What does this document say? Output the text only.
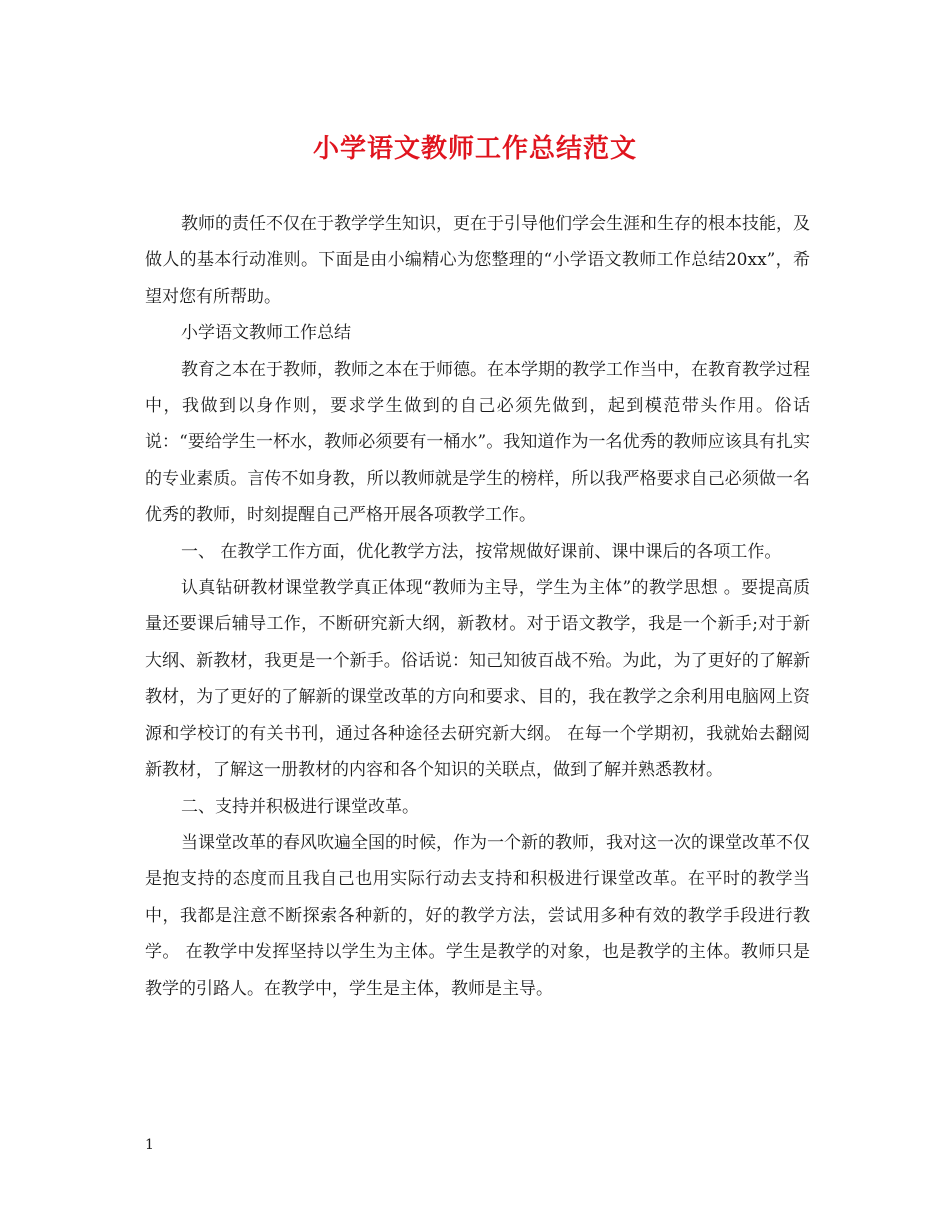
小学语文教师工作总结范文

教师的责任不仅在于教学学生知识，更在于引导他们学会生涯和生存的根本技能，及做人的基本行动准则。下面是由小编精心为您整理的“小学语文教师工作总结20xx”，希望对您有所帮助。

小学语文教师工作总结

教育之本在于教师，教师之本在于师德。在本学期的教学工作当中，在教育教学过程中，我做到以身作则，要求学生做到的自己必须先做到，起到模范带头作用。俗话说：“要给学生一杯水，教师必须要有一桶水”。我知道作为一名优秀的教师应该具有扎实的专业素质。言传不如身教，所以教师就是学生的榜样，所以我严格要求自己必须做一名优秀的教师，时刻提醒自己严格开展各项教学工作。

一、 在教学工作方面，优化教学方法，按常规做好课前、课中课后的各项工作。

认真钻研教材课堂教学真正体现“教师为主导，学生为主体”的教学思想 。要提高质量还要课后辅导工作，不断研究新大纲，新教材。对于语文教学，我是一个新手;对于新大纲、新教材，我更是一个新手。俗话说：知己知彼百战不殆。为此，为了更好的了解新教材，为了更好的了解新的课堂改革的方向和要求、目的，我在教学之余利用电脑网上资源和学校订的有关书刊，通过各种途径去研究新大纲。 在每一个学期初，我就始去翻阅新教材，了解这一册教材的内容和各个知识的关联点，做到了解并熟悉教材。

二、支持并积极进行课堂改革。

当课堂改革的春风吹遍全国的时候，作为一个新的教师，我对这一次的课堂改革不仅是抱支持的态度而且我自己也用实际行动去支持和积极进行课堂改革。在平时的教学当中，我都是注意不断探索各种新的，好的教学方法，尝试用多种有效的教学手段进行教学。 在教学中发挥坚持以学生为主体。学生是教学的对象，也是教学的主体。教师只是教学的引路人。在教学中，学生是主体，教师是主导。

1
